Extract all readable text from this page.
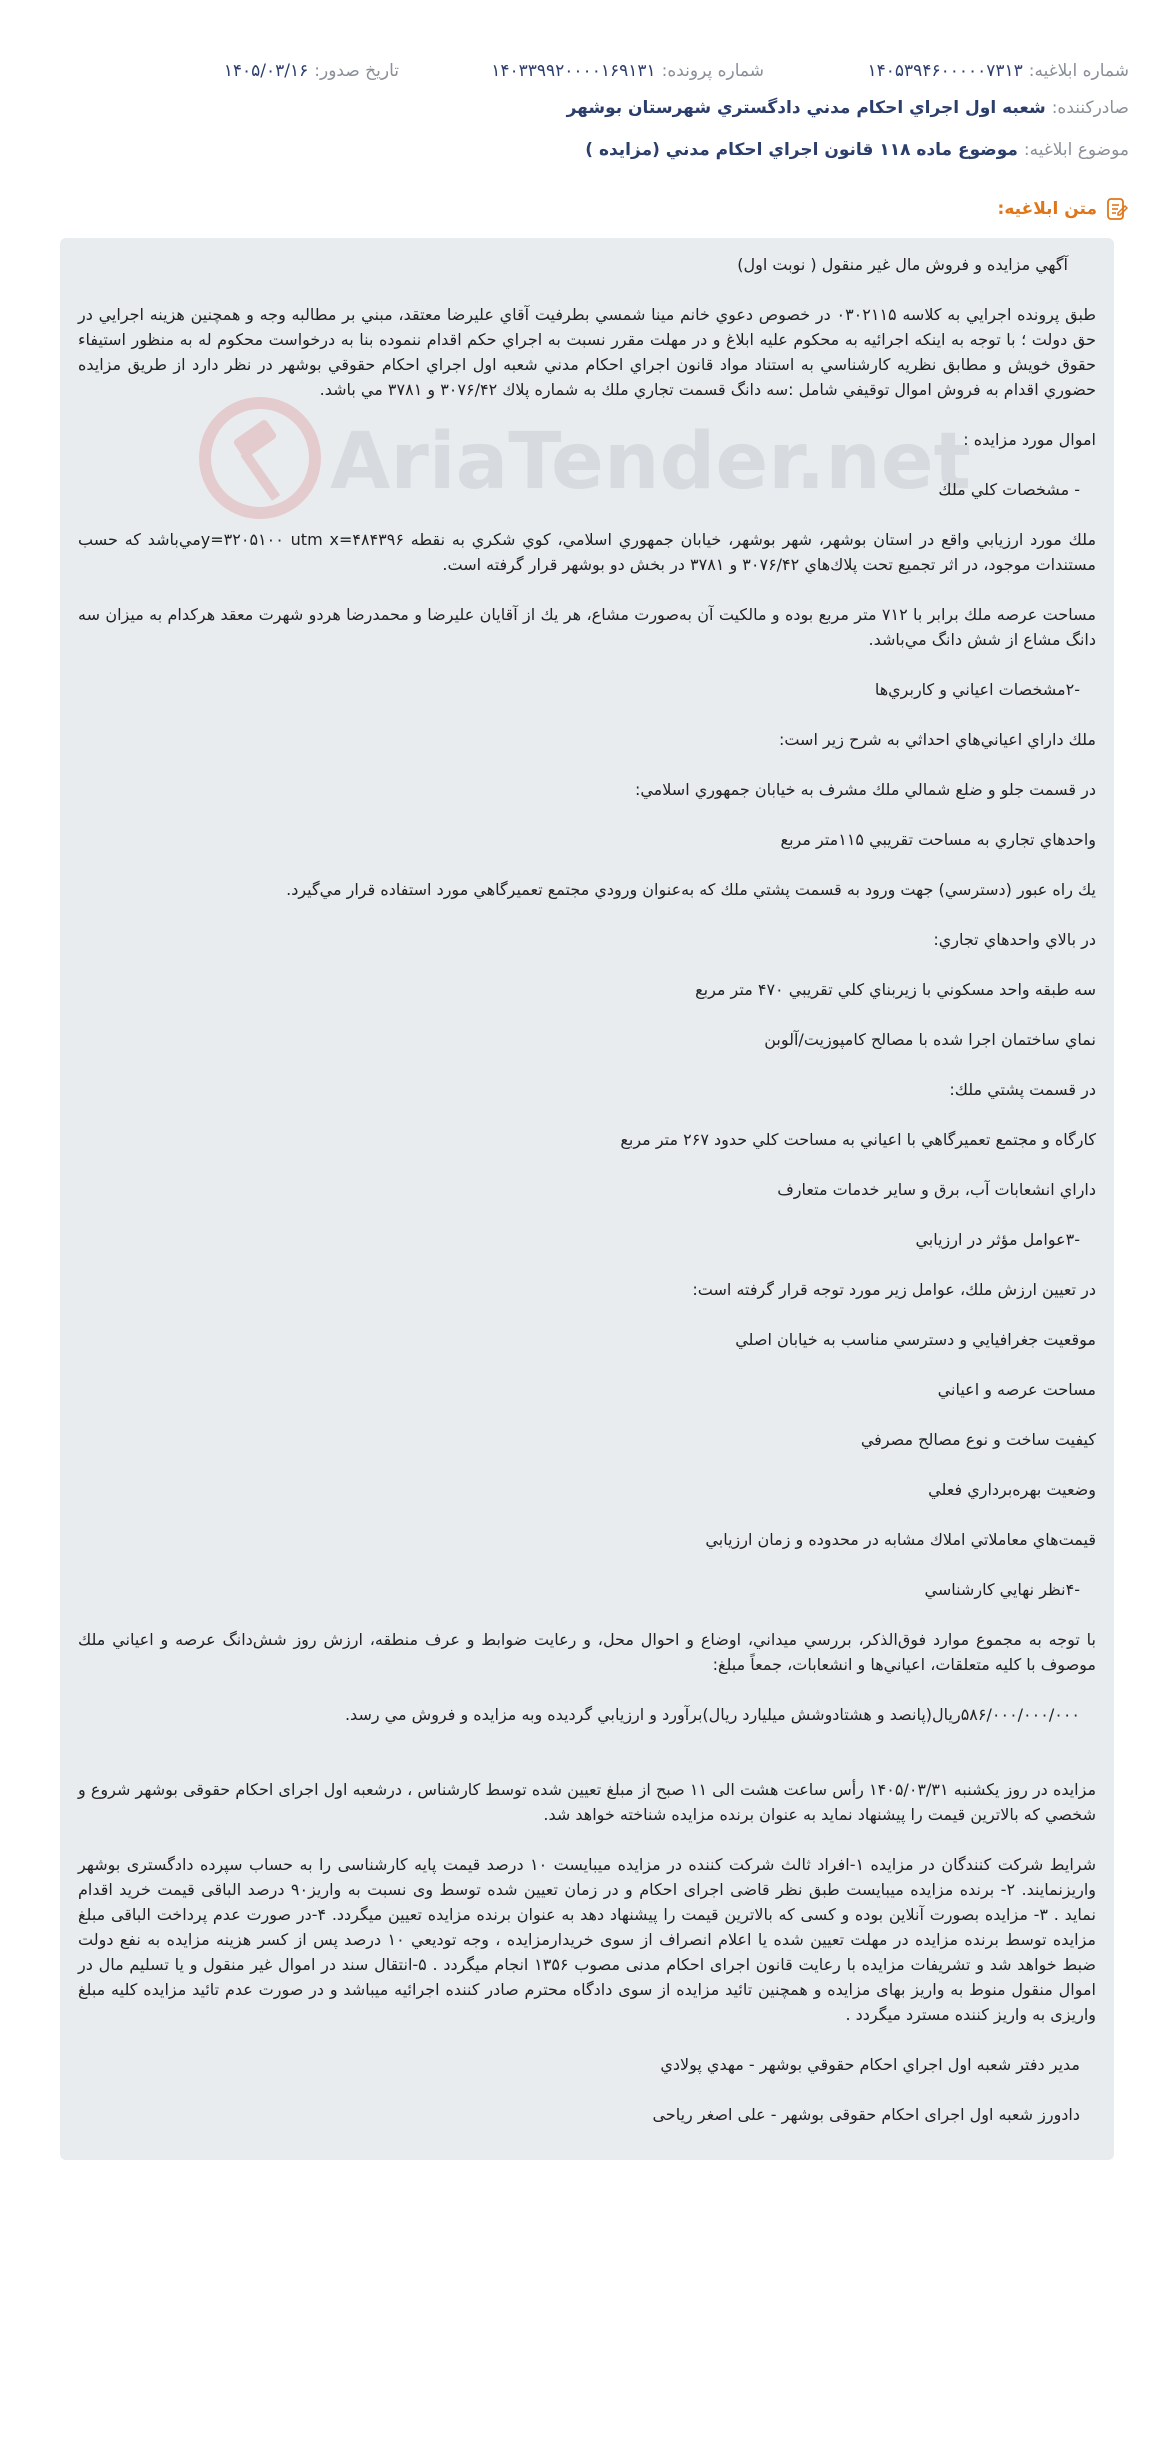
شماره ابلاغیه:
۱۴۰۵۳۹۴۶۰۰۰۰۰۷۳۱۳
شماره پرونده:
۱۴۰۳۳۹۹۲۰۰۰۰۱۶۹۱۳۱
تاریخ صدور:
۱۴۰۵/۰۳/۱۶
صادرکننده:
شعبه اول اجراي احكام مدني دادگستري شهرستان بوشهر
موضوع ابلاغیه:
موضوع ماده ۱۱۸ قانون اجراي احكام مدني (مزايده )
متن ابلاغیه:
AriaTender.net

آگهي مزايده و فروش مال غير منقول ( نوبت اول)

طبق پرونده اجرايي به كلاسه ۰۳۰۲۱۱۵ در خصوص دعوي خانم مينا شمسي بطرفيت آقاي عليرضا معتقد، مبني بر مطالبه وجه و همچنين هزينه اجرايي در حق دولت ؛ با توجه به اينكه اجرائيه به محكوم عليه ابلاغ و در مهلت مقرر نسبت به اجراي حكم اقدام ننموده بنا به درخواست محكوم له به منظور استيفاء حقوق خويش و مطابق نظريه كارشناسي به استناد مواد قانون اجراي احكام مدني شعبه اول اجراي احكام حقوقي بوشهر در نظر دارد از طريق مزايده حضوري اقدام به فروش اموال توقيفي شامل :سه دانگ قسمت تجاري ملك به شماره پلاك ۳۰۷۶/۴۲ و ۳۷۸۱ مي باشد.

اموال مورد مزايده :

- مشخصات كلي ملك

ملك مورد ارزيابي واقع در استان بوشهر، شهر بوشهر، خيابان جمهوري اسلامي، كوي شكري به نقطه y=۳۲۰۵۱۰۰ utm x=۴۸۴۳۹۶مي‌باشد كه حسب مستندات موجود، در اثر تجميع تحت پلاك‌هاي ۳۰۷۶/۴۲ و ۳۷۸۱ در بخش دو بوشهر قرار گرفته است.

مساحت عرصه ملك برابر با ۷۱۲ متر مربع بوده و مالكيت آن به‌صورت مشاع، هر يك از آقايان عليرضا و محمدرضا هردو شهرت معقد هركدام به ميزان سه دانگ مشاع از شش دانگ مي‌باشد.

-۲مشخصات اعياني و كاربري‌ها

ملك داراي اعياني‌هاي احداثي به شرح زير است:

در قسمت جلو و ضلع شمالي ملك مشرف به خيابان جمهوري اسلامي:

واحدهاي تجاري به مساحت تقريبي ۱۱۵متر مربع

يك راه عبور (دسترسي) جهت ورود به قسمت پشتي ملك كه به‌عنوان ورودي مجتمع تعميرگاهي مورد استفاده قرار مي‌گيرد.

در بالاي واحدهاي تجاري:

سه طبقه واحد مسكوني با زيربناي كلي تقريبي ۴۷۰ متر مربع

نماي ساختمان اجرا شده با مصالح كامپوزيت/آلوبن

در قسمت پشتي ملك:

كارگاه و مجتمع تعميرگاهي با اعياني به مساحت كلي حدود ۲۶۷ متر مربع

داراي انشعابات آب، برق و ساير خدمات متعارف

-۳عوامل مؤثر در ارزيابي

در تعيين ارزش ملك، عوامل زير مورد توجه قرار گرفته است:

موقعيت جغرافيايي و دسترسي مناسب به خيابان اصلي

مساحت عرصه و اعياني

كيفيت ساخت و نوع مصالح مصرفي

وضعيت بهره‌برداري فعلي

قيمت‌هاي معاملاتي املاك مشابه در محدوده و زمان ارزيابي

-۴نظر نهايي كارشناسي

با توجه به مجموع موارد فوق‌الذكر، بررسي ميداني، اوضاع و احوال محل، و رعايت ضوابط و عرف منطقه، ارزش روز شش‌دانگ عرصه و اعياني ملك موصوف با كليه متعلقات، اعياني‌ها و انشعابات، جمعاً مبلغ:

۵۸۶/۰۰۰/۰۰۰/۰۰۰ريال(پانصد و هشتادوشش ميليارد ريال)برآورد و ارزيابي گرديده وبه مزايده و فروش مي رسد.

مزايده در روز يكشنبه ۱۴۰۵/۰۳/۳۱ رأس ساعت هشت الی ۱۱ صبح از مبلغ تعيين شده توسط كارشناس ، درشعبه اول اجرای احكام حقوقی بوشهر شروع و شخصي كه بالاترين قيمت را پيشنهاد نمايد به عنوان برنده مزايده شناخته خواهد شد.

شرايط شركت كنندگان در مزايده ۱-افراد ثالث شركت كننده در مزايده ميبايست ۱۰ درصد قيمت پايه كارشناسی را به حساب سپرده دادگستری بوشهر واريزنمايند. ۲- برنده مزايده ميبايست طبق نظر قاضی اجرای احكام و در زمان تعيين شده توسط وی نسبت به واريز۹۰ درصد الباقی قيمت خريد اقدام نمايد . ۳- مزايده بصورت آنلاين بوده و كسی كه بالاترين قيمت را پيشنهاد دهد به عنوان برنده مزايده تعيين ميگردد. ۴-در صورت عدم پرداخت الباقی مبلغ مزايده توسط برنده مزايده در مهلت تعيين شده يا اعلام انصراف از سوی خريدارمزايده ، وجه توديعي ۱۰ درصد پس از كسر هزينه مزايده به نفع دولت ضبط خواهد شد و تشريفات مزايده با رعايت قانون اجرای احكام مدنی مصوب ۱۳۵۶ انجام ميگردد . ۵-انتقال سند در اموال غير منقول و يا تسليم مال در اموال منقول منوط به واريز بهای مزايده و همچنين تائيد مزايده از سوی دادگاه محترم صادر كننده اجرائيه ميباشد و در صورت عدم تائيد مزايده كليه مبلغ واريزی به واريز كننده مسترد ميگردد .

مدير دفتر شعبه اول اجراي احكام حقوقي بوشهر - مهدي پولادي

دادورز شعبه اول اجرای احكام حقوقی بوشهر - علی اصغر رياحی
